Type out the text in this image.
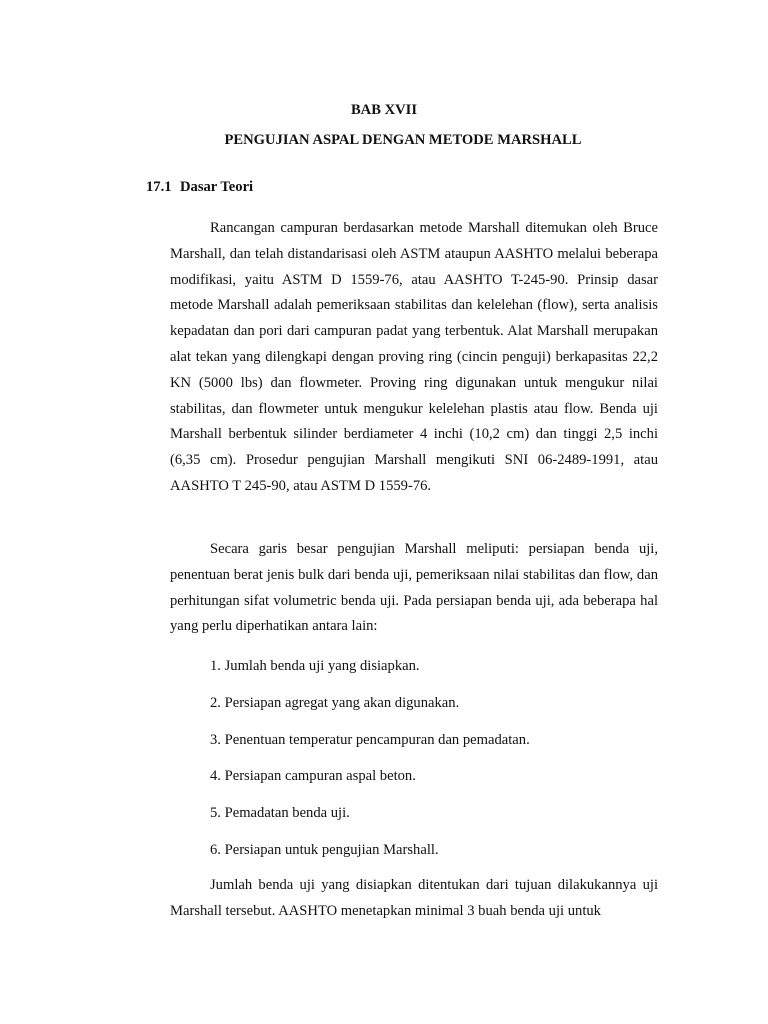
BAB XVII
PENGUJIAN ASPAL DENGAN METODE MARSHALL
17.1 Dasar Teori

Rancangan campuran berdasarkan metode Marshall ditemukan oleh Bruce Marshall, dan telah distandarisasi oleh ASTM ataupun AASHTO melalui beberapa modifikasi, yaitu ASTM D 1559-76, atau AASHTO T-245-90. Prinsip dasar metode Marshall adalah pemeriksaan stabilitas dan kelelehan (flow), serta analisis kepadatan dan pori dari campuran padat yang terbentuk. Alat Marshall merupakan alat tekan yang dilengkapi dengan proving ring (cincin penguji) berkapasitas 22,2 KN (5000 lbs) dan flowmeter. Proving ring digunakan untuk mengukur nilai stabilitas, dan flowmeter untuk mengukur kelelehan plastis atau flow. Benda uji Marshall berbentuk silinder berdiameter 4 inchi (10,2 cm) dan tinggi 2,5 inchi (6,35 cm). Prosedur pengujian Marshall mengikuti SNI 06-2489-1991, atau AASHTO T 245-90, atau ASTM D 1559-76.

Secara garis besar pengujian Marshall meliputi: persiapan benda uji, penentuan berat jenis bulk dari benda uji, pemeriksaan nilai stabilitas dan flow, dan perhitungan sifat volumetric benda uji. Pada persiapan benda uji, ada beberapa hal yang perlu diperhatikan antara lain:

1. Jumlah benda uji yang disiapkan.
2. Persiapan agregat yang akan digunakan.
3. Penentuan temperatur pencampuran dan pemadatan.
4. Persiapan campuran aspal beton.
5. Pemadatan benda uji.
6. Persiapan untuk pengujian Marshall.

Jumlah benda uji yang disiapkan ditentukan dari tujuan dilakukannya uji Marshall tersebut. AASHTO menetapkan minimal 3 buah benda uji untuk
